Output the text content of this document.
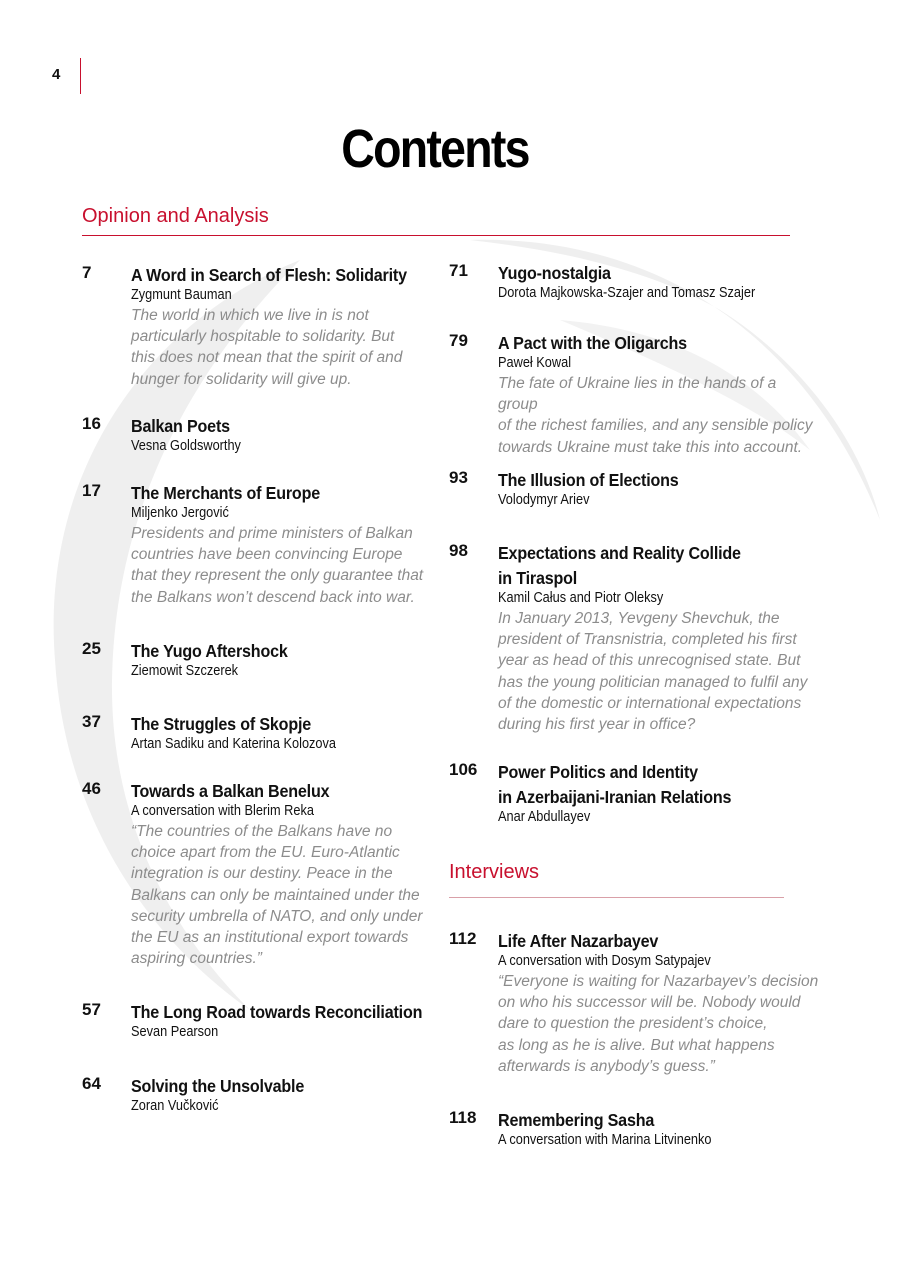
4
Contents
Opinion and Analysis
Interviews
7 A Word in Search of Flesh: Solidarity
Zygmunt Bauman
The world in which we live in is not
particularly hospitable to solidarity. But
this does not mean that the spirit of and
hunger for solidarity will give up.
16 Balkan Poets
Vesna Goldsworthy
17 The Merchants of Europe
Miljenko Jergović
Presidents and prime ministers of Balkan
countries have been convincing Europe
that they represent the only guarantee that
the Balkans won’t descend back into war.
25 The Yugo Aftershock
Ziemowit Szczerek
37 The Struggles of Skopje
Artan Sadiku and Katerina Kolozova
46 Towards a Balkan Benelux
A conversation with Blerim Reka
“The countries of the Balkans have no
choice apart from the EU. Euro-Atlantic
integration is our destiny. Peace in the
Balkans can only be maintained under the
security umbrella of NATO, and only under
the EU as an institutional export towards
aspiring countries.”
57 The Long Road towards Reconciliation
Sevan Pearson
64 Solving the Unsolvable
Zoran Vučković
71 Yugo-nostalgia
Dorota Majkowska-Szajer and Tomasz Szajer
79 A Pact with the Oligarchs
Paweł Kowal
The fate of Ukraine lies in the hands of a group
of the richest families, and any sensible policy
towards Ukraine must take this into account.
93 The Illusion of Elections
Volodymyr Ariev
98 Expectations and Reality Collide
in Tiraspol
Kamil Całus and Piotr Oleksy
In January 2013, Yevgeny Shevchuk, the
president of Transnistria, completed his first
year as head of this unrecognised state. But
has the young politician managed to fulfil any
of the domestic or international expectations
during his first year in office?
106 Power Politics and Identity
in Azerbaijani-Iranian Relations
Anar Abdullayev
112 Life After Nazarbayev
A conversation with Dosym Satypajev
“Everyone is waiting for Nazarbayev’s decision
on who his successor will be. Nobody would
dare to question the president’s choice,
as long as he is alive. But what happens
afterwards is anybody’s guess.”
118 Remembering Sasha
A conversation with Marina Litvinenko
